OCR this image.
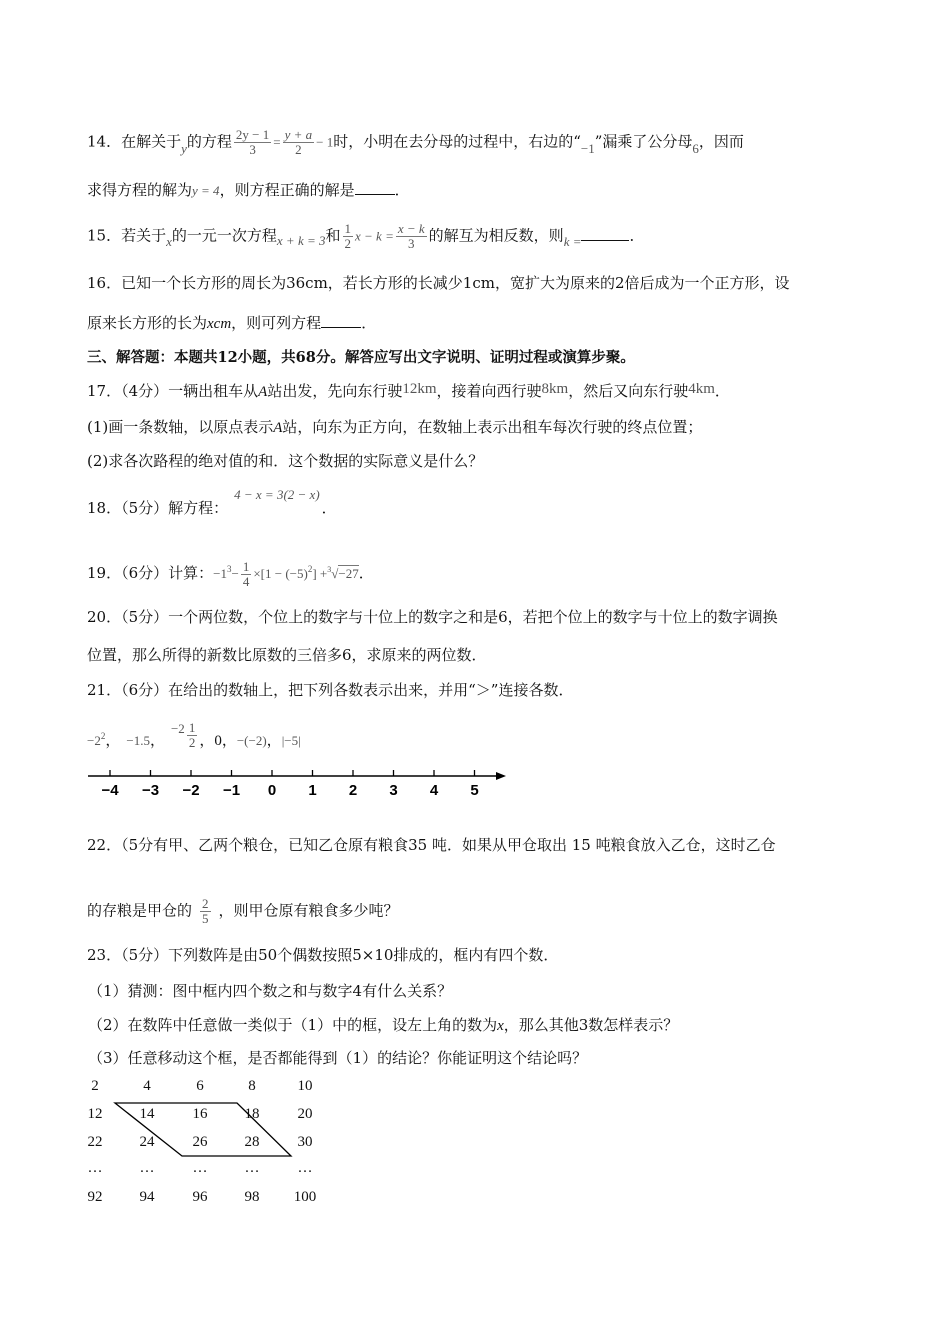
14．在解关于y的方程 $\frac{2y - 1}{3} = \frac{y + a}{2} - 1$时，小明在去分母的过程中，右边的“−1”漏乘了公分母6，因而
求得方程的解为y = 4，则方程正确的解是	．
15．若关于x的一元一次方程x + k = 3和 $\frac{1}{2}$ $x - k = \frac{x - k}{3}$ 的解互为相反数，则k =	．
16．已知一个长方形的周长为36cm，若长方形的长减少1cm，宽扩大为原来的2倍后成为一个正方形，设
原来长方形的长为xcm，则可列方程	．
三、解答题：本题共12小题，共68分。解答应写出文字说明、证明过程或演算步聚。
17．（4分）一辆出租车从A站出发，先向东行驶12km，接着向西行驶8km，然后又向东行驶4km．
(1)画一条数轴，以原点表示A站，向东为正方向，在数轴上表示出租车每次行驶的终点位置；
(2)求各次路程的绝对值的和．这个数据的实际意义是什么？
18．（5分）解方程：4 − x = 3(2 − x)．
19．（6分）计算：$-1^3- \frac{1}{4} \times[1 - (-5)^2] +^3√-27$．
20．（5分）一个两位数，个位上的数字与十位上的数字之和是6，若把个位上的数字与十位上的数字调换
位置，那么所得的新数比原数的三倍多6，求原来的两位数．
21．（6分）在给出的数轴上，把下列各数表示出来，并用“＞”连接各数．
$-2^2$， −1.5，$-2 \frac{1}{2}$ ，0，−(−2)，|−5|
−4 −3 −2 −1 0 1 2 3 4 5
22．（5分有甲、乙两个粮仓，已知乙仓原有粮食35 吨．如果从甲仓取出 15 吨粮食放入乙仓，这时乙仓
的存粮是甲仓的 $\frac{2}{5}$ ，则甲仓原有粮食多少吨？
23．（5分）下列数阵是由50个偶数按照5×10排成的，框内有四个数．
（1）猜测：图中框内四个数之和与数字4有什么关系？
（2）在数阵中任意做一类似于（1）中的框，设左上角的数为x，那么其他3数怎样表示？
（3）任意移动这个框，是否都能得到（1）的结论？你能证明这个结论吗？
2	4	6	8	10
12	14	16	18	20
22	24	26	28	30
…	…	…	…	…
92	94	96	98	100
